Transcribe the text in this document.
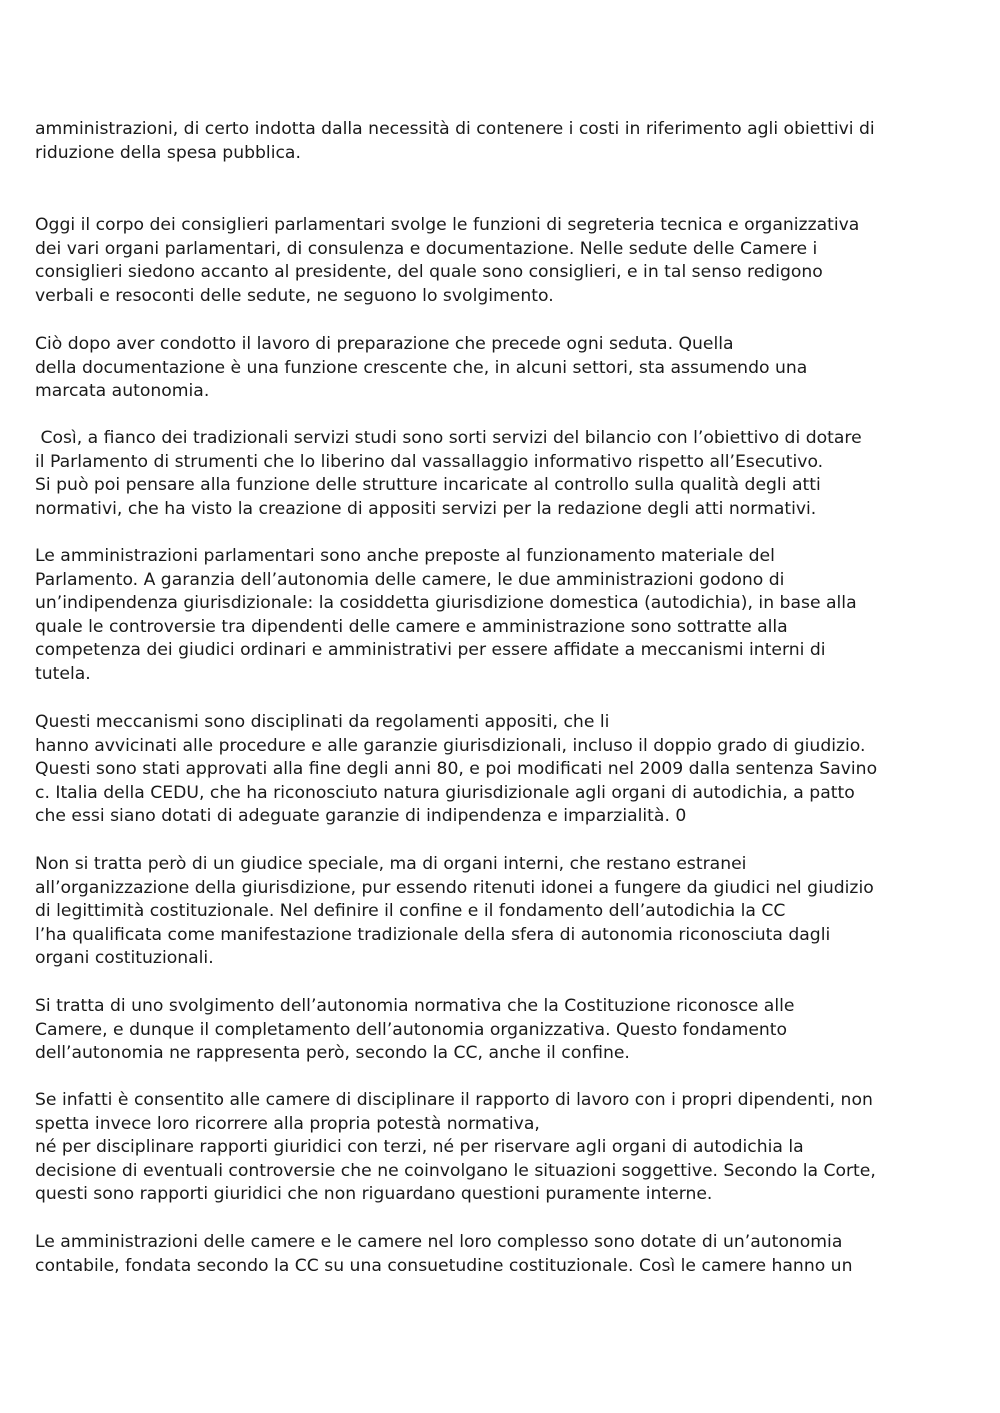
amministrazioni, di certo indotta dalla necessità di contenere i costi in riferimento agli obiettivi di
riduzione della spesa pubblica.
Oggi il corpo dei consiglieri parlamentari svolge le funzioni di segreteria tecnica e organizzativa
dei vari organi parlamentari, di consulenza e documentazione. Nelle sedute delle Camere i
consiglieri siedono accanto al presidente, del quale sono consiglieri, e in tal senso redigono
verbali e resoconti delle sedute, ne seguono lo svolgimento.
Ciò dopo aver condotto il lavoro di preparazione che precede ogni seduta. Quella
della documentazione è una funzione crescente che, in alcuni settori, sta assumendo una
marcata autonomia.
Così, a fianco dei tradizionali servizi studi sono sorti servizi del bilancio con l’obiettivo di dotare
il Parlamento di strumenti che lo liberino dal vassallaggio informativo rispetto all’Esecutivo.
Si può poi pensare alla funzione delle strutture incaricate al controllo sulla qualità degli atti
normativi, che ha visto la creazione di appositi servizi per la redazione degli atti normativi.
Le amministrazioni parlamentari sono anche preposte al funzionamento materiale del
Parlamento. A garanzia dell’autonomia delle camere, le due amministrazioni godono di
un’indipendenza giurisdizionale: la cosiddetta giurisdizione domestica (autodichia), in base alla
quale le controversie tra dipendenti delle camere e amministrazione sono sottratte alla
competenza dei giudici ordinari e amministrativi per essere affidate a meccanismi interni di
tutela.
Questi meccanismi sono disciplinati da regolamenti appositi, che li
hanno avvicinati alle procedure e alle garanzie giurisdizionali, incluso il doppio grado di giudizio.
Questi sono stati approvati alla fine degli anni 80, e poi modificati nel 2009 dalla sentenza Savino
c. Italia della CEDU, che ha riconosciuto natura giurisdizionale agli organi di autodichia, a patto
che essi siano dotati di adeguate garanzie di indipendenza e imparzialità. 0
Non si tratta però di un giudice speciale, ma di organi interni, che restano estranei
all’organizzazione della giurisdizione, pur essendo ritenuti idonei a fungere da giudici nel giudizio
di legittimità costituzionale. Nel definire il confine e il fondamento dell’autodichia la CC
l’ha qualificata come manifestazione tradizionale della sfera di autonomia riconosciuta dagli
organi costituzionali.
Si tratta di uno svolgimento dell’autonomia normativa che la Costituzione riconosce alle
Camere, e dunque il completamento dell’autonomia organizzativa. Questo fondamento
dell’autonomia ne rappresenta però, secondo la CC, anche il confine.
Se infatti è consentito alle camere di disciplinare il rapporto di lavoro con i propri dipendenti, non
spetta invece loro ricorrere alla propria potestà normativa,
né per disciplinare rapporti giuridici con terzi, né per riservare agli organi di autodichia la
decisione di eventuali controversie che ne coinvolgano le situazioni soggettive. Secondo la Corte,
questi sono rapporti giuridici che non riguardano questioni puramente interne.
Le amministrazioni delle camere e le camere nel loro complesso sono dotate di un’autonomia
contabile, fondata secondo la CC su una consuetudine costituzionale. Così le camere hanno un
